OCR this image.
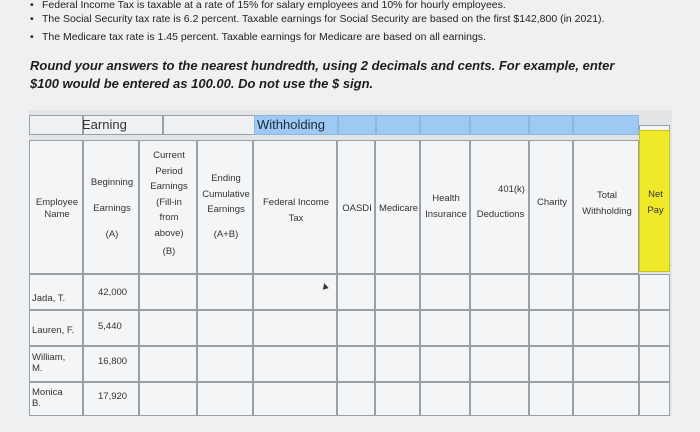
• Federal Income Tax is taxable at a rate of 15% for salary employees and 10% for hourly employees.
• The Social Security tax rate is 6.2 percent. Taxable earnings for Social Security are based on the first $142,800 (in 2021).
• The Medicare tax rate is 1.45 percent. Taxable earnings for Medicare are based on all earnings.
Round your answers to the nearest hundredth, using 2 decimals and cents. For example, enter
$100 would be entered as 100.00. Do not use the $ sign.
Earning	Withholding
Employee
Name
Beginning
Earnings
(A)
Current
Period
Earnings
(Fill-in
from
above)
(B)
Ending
Cumulative
Earnings
(A+B)
Federal Income
Tax
OASDI Medicare
Health
Insurance
401(k)
Deductions
Charity
Total
Withholding
Net
Pay
Jada, T.
42,000
Lauren, F.	5,440
William,
M.
16,800
Monica
B.
17,920
